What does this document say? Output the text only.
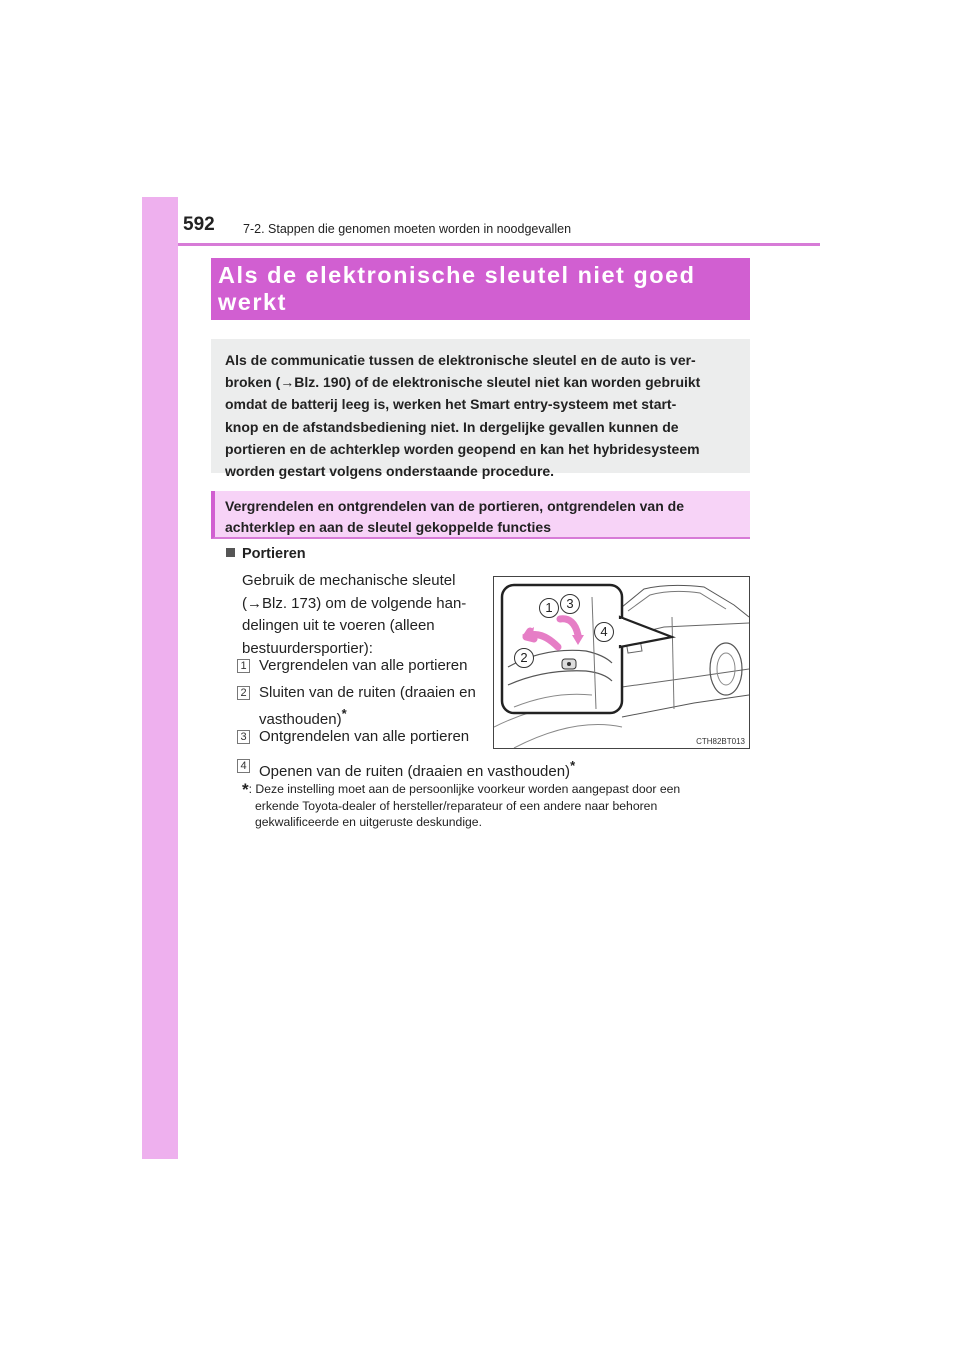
592 7-2. Stappen die genomen moeten worden in noodgevallen
Als de elektronische sleutel niet goed
werkt
Als de communicatie tussen de elektronische sleutel en de auto is ver-
broken (→Blz. 190) of de elektronische sleutel niet kan worden gebruikt
omdat de batterij leeg is, werken het Smart entry-systeem met start-
knop en de afstandsbediening niet. In dergelijke gevallen kunnen de
portieren en de achterklep worden geopend en kan het hybridesysteem
worden gestart volgens onderstaande procedure.
Vergrendelen en ontgrendelen van de portieren, ontgrendelen van de
achterklep en aan de sleutel gekoppelde functies
Portieren
Gebruik de mechanische sleutel
(→Blz. 173) om de volgende han-
delingen uit te voeren (alleen
bestuurdersportier):
1 Vergrendelen van alle portieren
2 Sluiten van de ruiten (draaien en
vasthouden)*
3 Ontgrendelen van alle portieren
4 Openen van de ruiten (draaien en vasthouden)*
1	3
4
2
CTH82BT013
*: Deze instelling moet aan de persoonlijke voorkeur worden aangepast door een
erkende Toyota-dealer of hersteller/reparateur of een andere naar behoren
gekwalificeerde en uitgeruste deskundige.
